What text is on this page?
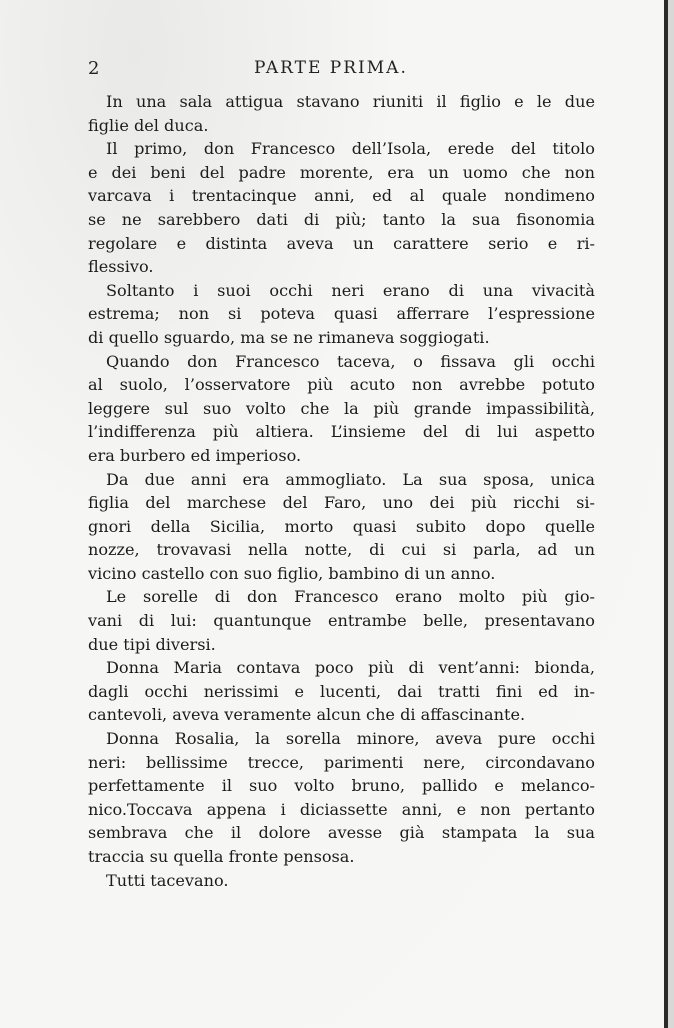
2	PARTE PRIMA.
In una sala attigua stavano riuniti il figlio e le due
figlie del duca.
Il primo, don Francesco dell’Isola, erede del titolo
e dei beni del padre morente, era un uomo che non
varcava i trentacinque anni, ed al quale nondimeno
se ne sarebbero dati di più; tanto la sua fisonomia
regolare e distinta aveva un carattere serio e ri-
flessivo.
Soltanto i suoi occhi neri erano di una vivacità
estrema; non si poteva quasi afferrare l’espressione
di quello sguardo, ma se ne rimaneva soggiogati.
Quando don Francesco taceva, o fissava gli occhi
al suolo, l’osservatore più acuto non avrebbe potuto
leggere sul suo volto che la più grande impassibilità,
l’indifferenza più altiera. L’insieme del di lui aspetto
era burbero ed imperioso.
Da due anni era ammogliato. La sua sposa, unica
figlia del marchese del Faro, uno dei più ricchi si-
gnori della Sicilia, morto quasi subito dopo quelle
nozze, trovavasi nella notte, di cui si parla, ad un
vicino castello con suo figlio, bambino di un anno.
Le sorelle di don Francesco erano molto più gio-
vani di lui: quantunque entrambe belle, presentavano
due tipi diversi.
Donna Maria contava poco più di vent’anni: bionda,
dagli occhi nerissimi e lucenti, dai tratti fini ed in-
cantevoli, aveva veramente alcun che di affascinante.
Donna Rosalia, la sorella minore, aveva pure occhi
neri: bellissime trecce, parimenti nere, circondavano
perfettamente il suo volto bruno, pallido e melanco-
nico.Toccava appena i diciassette anni, e non pertanto
sembrava che il dolore avesse già stampata la sua
traccia su quella fronte pensosa.
Tutti tacevano.
